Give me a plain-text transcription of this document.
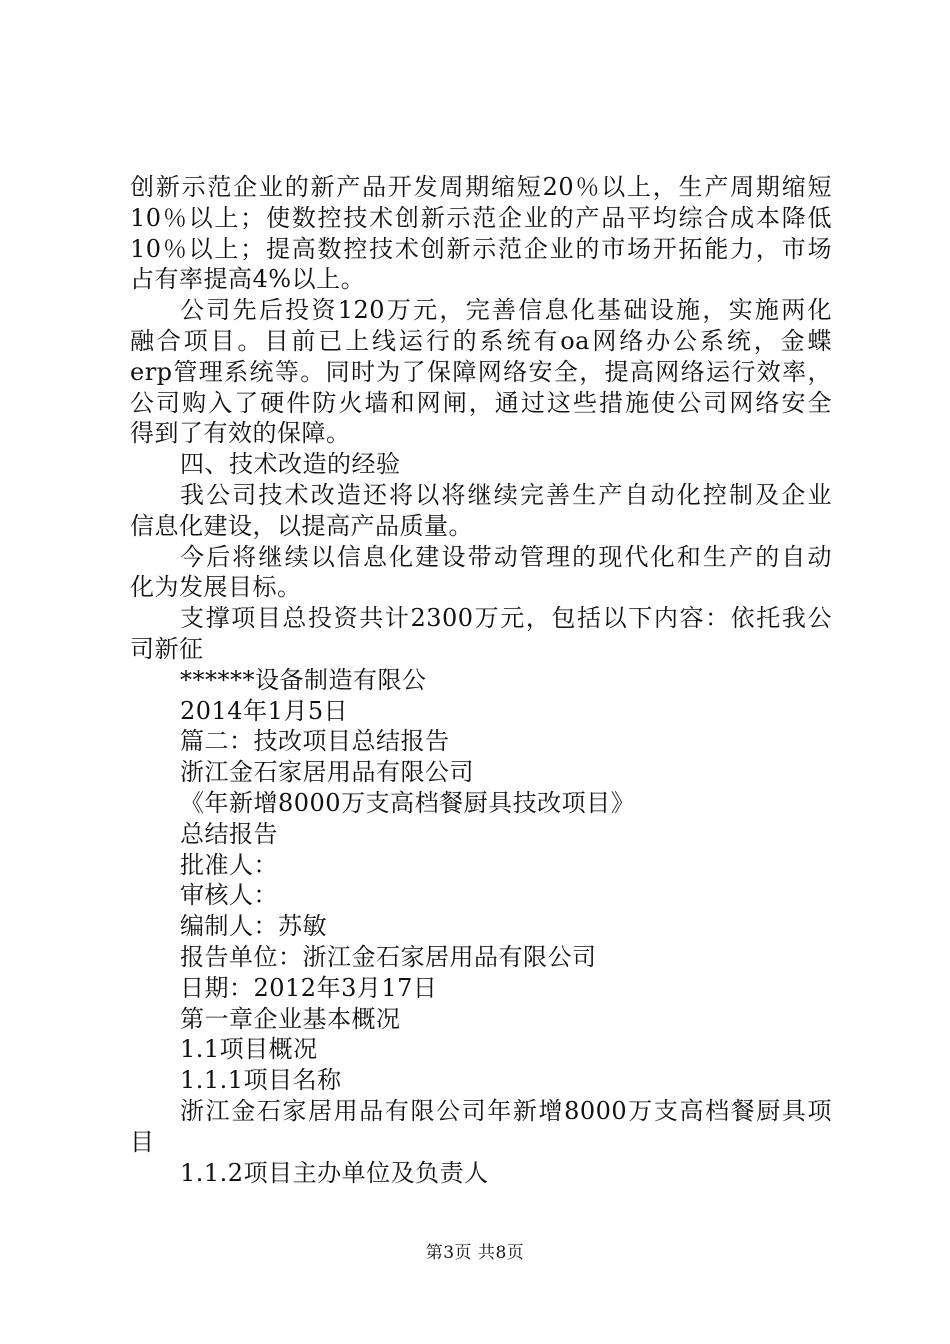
创新示范企业的新产品开发周期缩短20％以上，生产周期缩短
10％以上；使数控技术创新示范企业的产品平均综合成本降低
10％以上；提高数控技术创新示范企业的市场开拓能力，市场
占有率提高4%以上。
公司先后投资120万元，完善信息化基础设施，实施两化
融合项目。目前已上线运行的系统有oa网络办公系统，金蝶
erp管理系统等。同时为了保障网络安全，提高网络运行效率，
公司购入了硬件防火墙和网闸，通过这些措施使公司网络安全
得到了有效的保障。
四、技术改造的经验
我公司技术改造还将以将继续完善生产自动化控制及企业
信息化建设，以提高产品质量。
今后将继续以信息化建设带动管理的现代化和生产的自动
化为发展目标。
支撑项目总投资共计2300万元，包括以下内容：依托我公
司新征
******设备制造有限公
2014年1月5日
篇二：技改项目总结报告
浙江金石家居用品有限公司
《年新增8000万支高档餐厨具技改项目》
总结报告
批准人：
审核人：
编制人：苏敏
报告单位：浙江金石家居用品有限公司
日期：2012年3月17日
第一章企业基本概况
1.1项目概况
1.1.1项目名称
浙江金石家居用品有限公司年新增8000万支高档餐厨具项
目
1.1.2项目主办单位及负责人
第3页 共8页
